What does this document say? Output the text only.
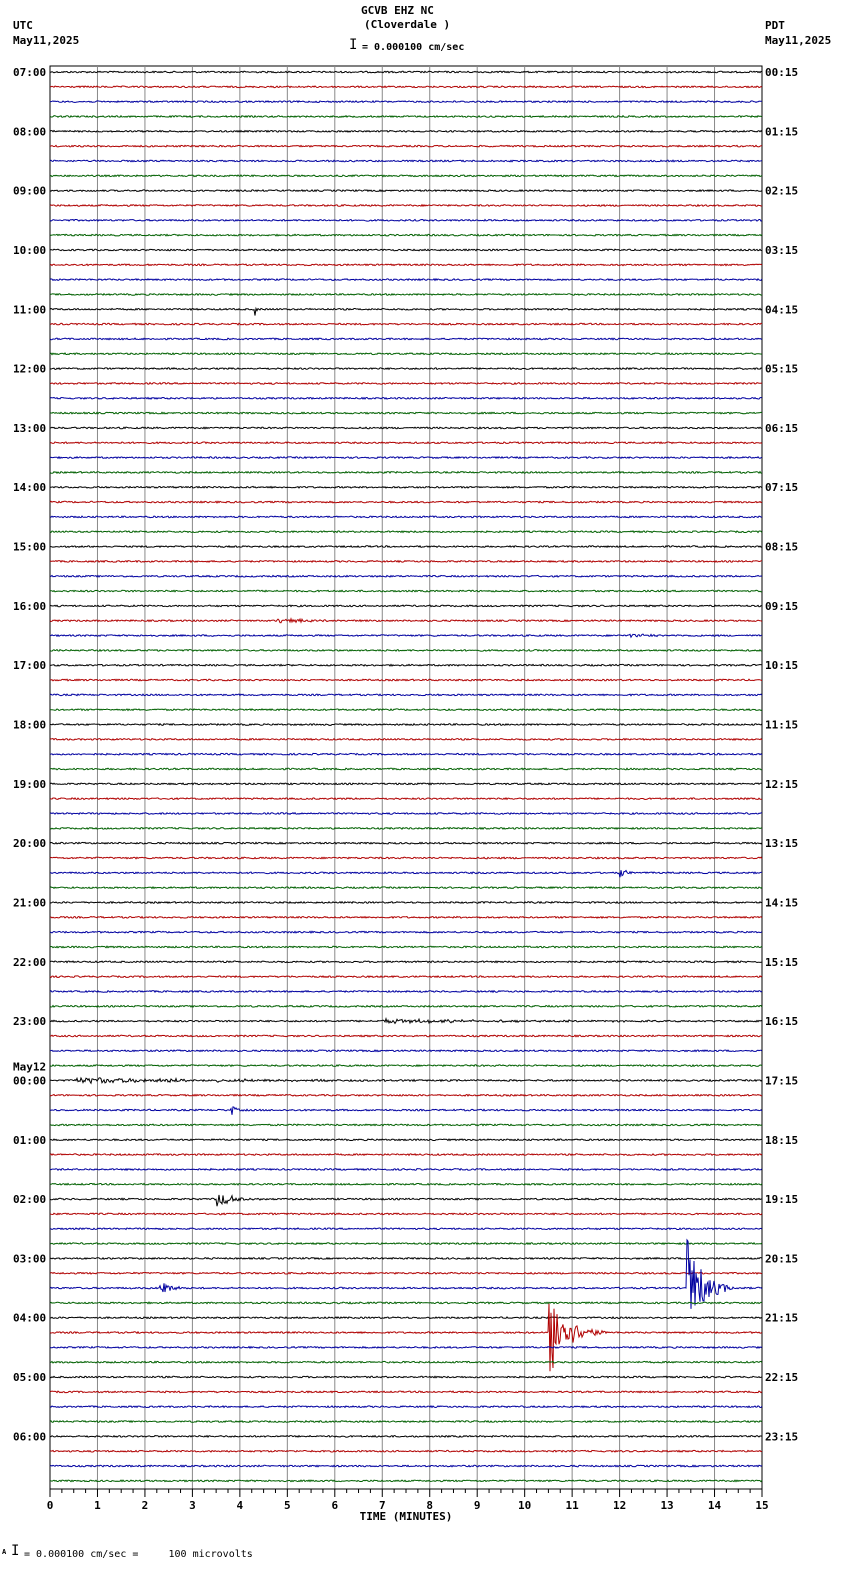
GCVB EHZ NC
(Cloverdale )
I = 0.000100 cm/sec
UTC
May11,2025
PDT
May11,2025
07:00
08:00
09:00
10:00
11:00
12:00
13:00
14:00
15:00
16:00
17:00
18:00
19:00
20:00
21:00
22:00
23:00
00:00
May12
01:00
02:00
03:00
04:00
05:00
06:00
00:15
01:15
02:15
03:15
04:15
05:15
06:15
07:15
08:15
09:15
10:15
11:15
12:15
13:15
14:15
15:15
16:15
17:15
18:15
19:15
20:15
21:15
22:15
23:15
0	1	2	3	4	5	6	7	8	9	10	11	12	13	14	15
TIME (MINUTES)
A I = 0.000100 cm/sec =     100 microvolts
